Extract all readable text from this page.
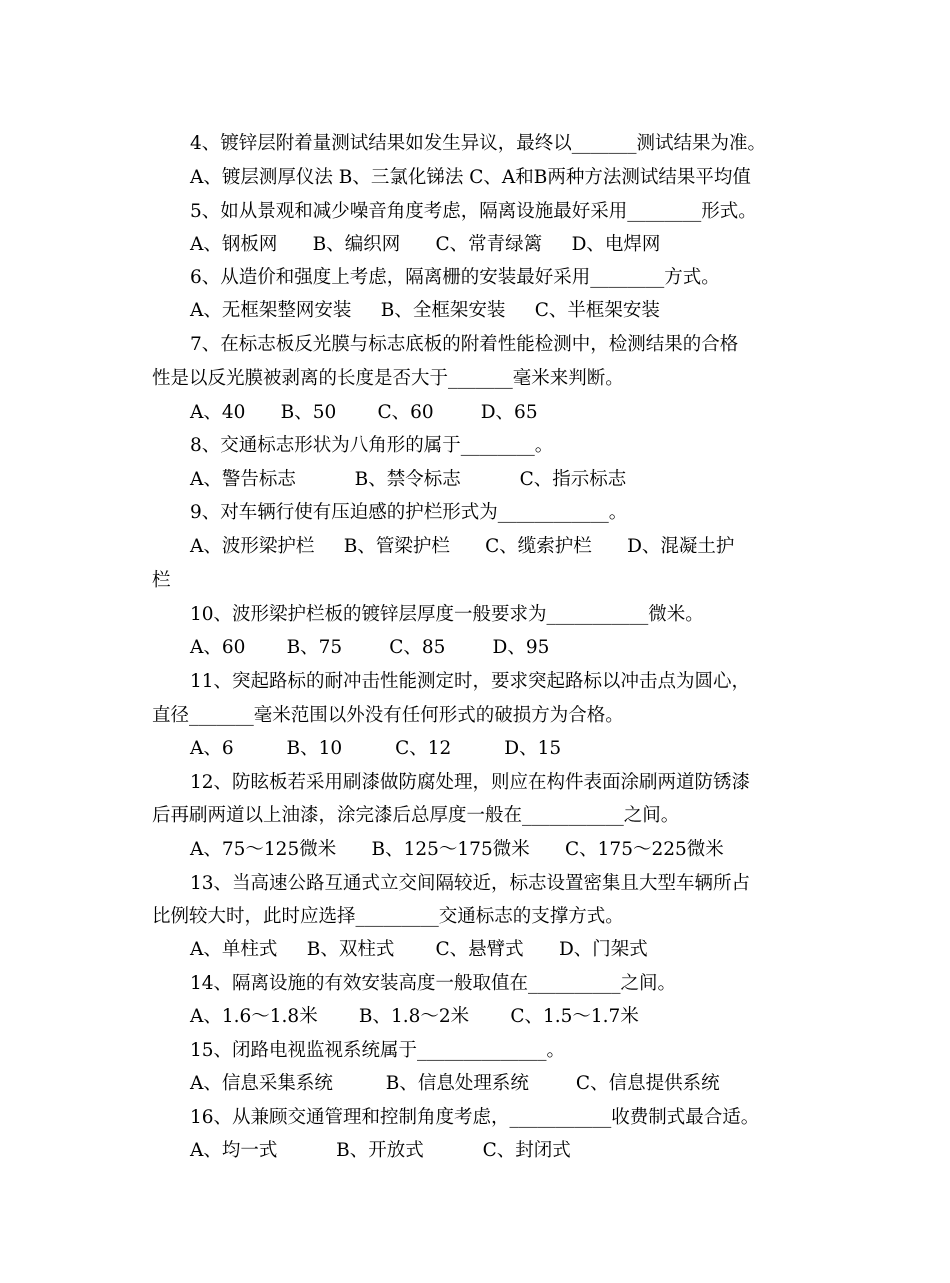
4、镀锌层附着量测试结果如发生异议，最终以_______测试结果为准。
A、镀层测厚仪法 B、三氯化锑法 C、A和B两种方法测试结果平均值
5、如从景观和减少噪音角度考虑，隔离设施最好采用________形式。
A、钢板网      B、编织网      C、常青绿篱     D、电焊网
6、从造价和强度上考虑，隔离栅的安装最好采用________方式。
A、无框架整网安装     B、全框架安装     C、半框架安装
7、在标志板反光膜与标志底板的附着性能检测中，检测结果的合格
性是以反光膜被剥离的长度是否大于_______毫米来判断。
A、40      B、50       C、60        D、65
8、交通标志形状为八角形的属于________。
A、警告标志          B、禁令标志          C、指示标志
9、对车辆行使有压迫感的护栏形式为____________。
A、波形梁护栏     B、管梁护栏      C、缆索护栏      D、混凝土护
栏
10、波形梁护栏板的镀锌层厚度一般要求为___________微米。
A、60       B、75        C、85        D、95
11、突起路标的耐冲击性能测定时，要求突起路标以冲击点为圆心，
直径_______毫米范围以外没有任何形式的破损方为合格。
A、6         B、10         C、12         D、15
12、防眩板若采用刷漆做防腐处理，则应在构件表面涂刷两道防锈漆
后再刷两道以上油漆，涂完漆后总厚度一般在___________之间。
A、75～125微米      B、125～175微米      C、175～225微米
13、当高速公路互通式立交间隔较近，标志设置密集且大型车辆所占
比例较大时，此时应选择_________交通标志的支撑方式。
A、单柱式     B、双柱式       C、悬臂式      D、门架式
14、隔离设施的有效安装高度一般取值在__________之间。
A、1.6～1.8米       B、1.8～2米       C、1.5～1.7米
15、闭路电视监视系统属于______________。
A、信息采集系统         B、信息处理系统        C、信息提供系统
16、从兼顾交通管理和控制角度考虑，___________收费制式最合适。
A、均一式          B、开放式          C、封闭式
